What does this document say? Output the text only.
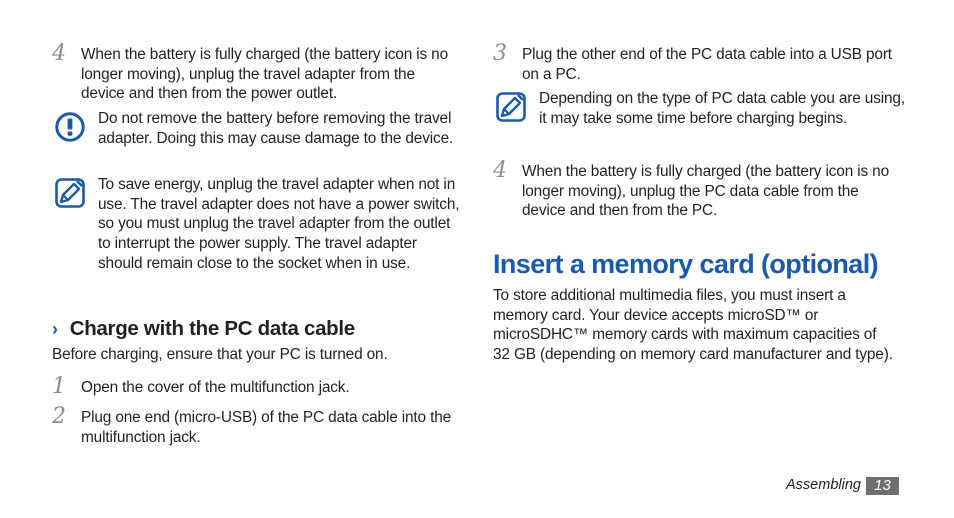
4 When the battery is fully charged (the battery icon is no longer moving), unplug the travel adapter from the device and then from the power outlet.
Do not remove the battery before removing the travel adapter. Doing this may cause damage to the device.
To save energy, unplug the travel adapter when not in use. The travel adapter does not have a power switch, so you must unplug the travel adapter from the outlet to interrupt the power supply. The travel adapter should remain close to the socket when in use.
› Charge with the PC data cable
Before charging, ensure that your PC is turned on.
1 Open the cover of the multifunction jack.
2 Plug one end (micro-USB) of the PC data cable into the multifunction jack.
3 Plug the other end of the PC data cable into a USB port on a PC.
Depending on the type of PC data cable you are using, it may take some time before charging begins.
4 When the battery is fully charged (the battery icon is no longer moving), unplug the PC data cable from the device and then from the PC.
Insert a memory card (optional)
To store additional multimedia files, you must insert a memory card. Your device accepts microSD™ or microSDHC™ memory cards with maximum capacities of 32 GB (depending on memory card manufacturer and type).
Assembling 13
